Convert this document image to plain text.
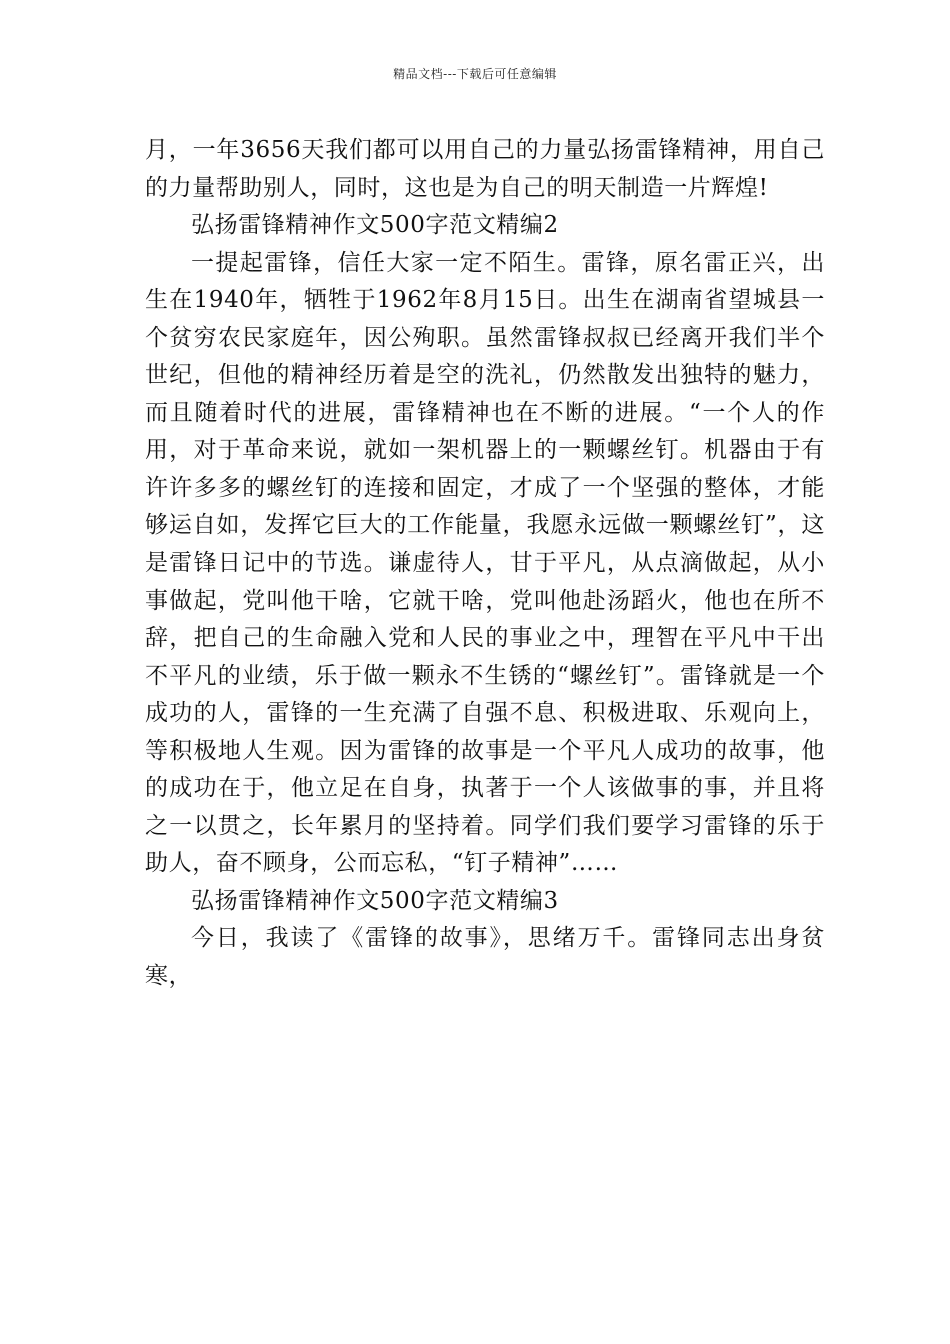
精品文档---下载后可任意编辑

月，一年3656天我们都可以用自己的力量弘扬雷锋精神，用自己的力量帮助别人，同时，这也是为自己的明天制造一片辉煌!

弘扬雷锋精神作文500字范文精编2

一提起雷锋，信任大家一定不陌生。雷锋，原名雷正兴，出生在1940年，牺牲于1962年8月15日。出生在湖南省望城县一个贫穷农民家庭年，因公殉职。虽然雷锋叔叔已经离开我们半个世纪，但他的精神经历着是空的洗礼，仍然散发出独特的魅力，而且随着时代的进展，雷锋精神也在不断的进展。“一个人的作用，对于革命来说，就如一架机器上的一颗螺丝钉。机器由于有许许多多的螺丝钉的连接和固定，才成了一个坚强的整体，才能够运自如，发挥它巨大的工作能量，我愿永远做一颗螺丝钉”，这是雷锋日记中的节选。谦虚待人，甘于平凡，从点滴做起，从小事做起，党叫他干啥，它就干啥，党叫他赴汤蹈火，他也在所不辞，把自己的生命融入党和人民的事业之中，理智在平凡中干出不平凡的业绩，乐于做一颗永不生锈的“螺丝钉”。雷锋就是一个成功的人，雷锋的一生充满了自强不息、积极进取、乐观向上，等积极地人生观。因为雷锋的故事是一个平凡人成功的故事，他的成功在于，他立足在自身，执著于一个人该做事的事，并且将之一以贯之，长年累月的坚持着。同学们我们要学习雷锋的乐于助人，奋不顾身，公而忘私，“钉子精神”……

弘扬雷锋精神作文500字范文精编3

今日，我读了《雷锋的故事》，思绪万千。雷锋同志出身贫寒，
